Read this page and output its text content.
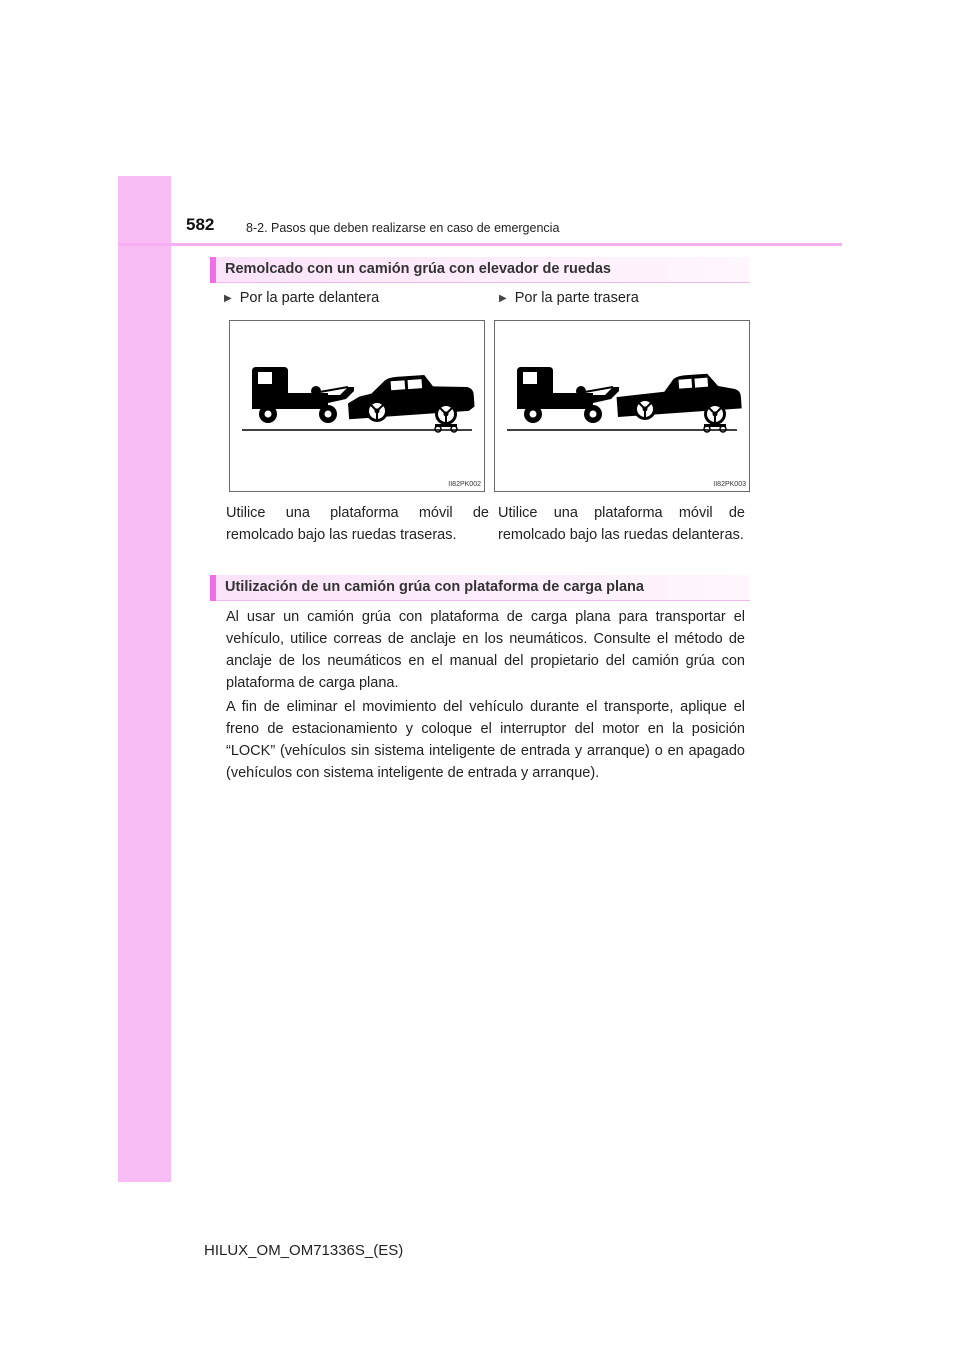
582	8-2. Pasos que deben realizarse en caso de emergencia
Remolcado con un camión grúa con elevador de ruedas
▶ Por la parte delantera	▶ Por la parte trasera
II82PK002	II82PK003
Utilice una plataforma móvil de remolcado bajo las ruedas traseras.
Utilice una plataforma móvil de remolcado bajo las ruedas delanteras.
Utilización de un camión grúa con plataforma de carga plana
Al usar un camión grúa con plataforma de carga plana para transportar el vehículo, utilice correas de anclaje en los neumáticos. Consulte el método de anclaje de los neumáticos en el manual del propietario del camión grúa con plataforma de carga plana.
A fin de eliminar el movimiento del vehículo durante el transporte, aplique el freno de estacionamiento y coloque el interruptor del motor en la posición “LOCK” (vehículos sin sistema inteligente de entrada y arranque) o en apagado (vehículos con sistema inteligente de entrada y arranque).
HILUX_OM_OM71336S_(ES)
